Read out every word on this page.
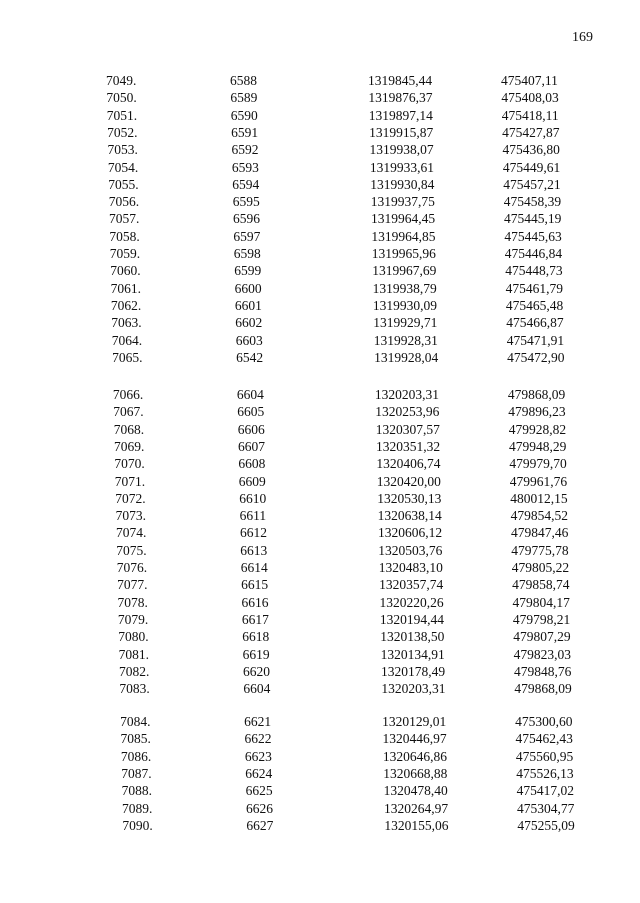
169
7049.	6588	1319845,44	475407,11
7050.	6589	1319876,37	475408,03
7051.	6590	1319897,14	475418,11
7052.	6591	1319915,87	475427,87
7053.	6592	1319938,07	475436,80
7054.	6593	1319933,61	475449,61
7055.	6594	1319930,84	475457,21
7056.	6595	1319937,75	475458,39
7057.	6596	1319964,45	475445,19
7058.	6597	1319964,85	475445,63
7059.	6598	1319965,96	475446,84
7060.	6599	1319967,69	475448,73
7061.	6600	1319938,79	475461,79
7062.	6601	1319930,09	475465,48
7063.	6602	1319929,71	475466,87
7064.	6603	1319928,31	475471,91
7065.	6542	1319928,04	475472,90
7066.	6604	1320203,31	479868,09
7067.	6605	1320253,96	479896,23
7068.	6606	1320307,57	479928,82
7069.	6607	1320351,32	479948,29
7070.	6608	1320406,74	479979,70
7071.	6609	1320420,00	479961,76
7072.	6610	1320530,13	480012,15
7073.	6611	1320638,14	479854,52
7074.	6612	1320606,12	479847,46
7075.	6613	1320503,76	479775,78
7076.	6614	1320483,10	479805,22
7077.	6615	1320357,74	479858,74
7078.	6616	1320220,26	479804,17
7079.	6617	1320194,44	479798,21
7080.	6618	1320138,50	479807,29
7081.	6619	1320134,91	479823,03
7082.	6620	1320178,49	479848,76
7083.	6604	1320203,31	479868,09
7084.	6621	1320129,01	475300,60
7085.	6622	1320446,97	475462,43
7086.	6623	1320646,86	475560,95
7087.	6624	1320668,88	475526,13
7088.	6625	1320478,40	475417,02
7089.	6626	1320264,97	475304,77
7090.	6627	1320155,06	475255,09
